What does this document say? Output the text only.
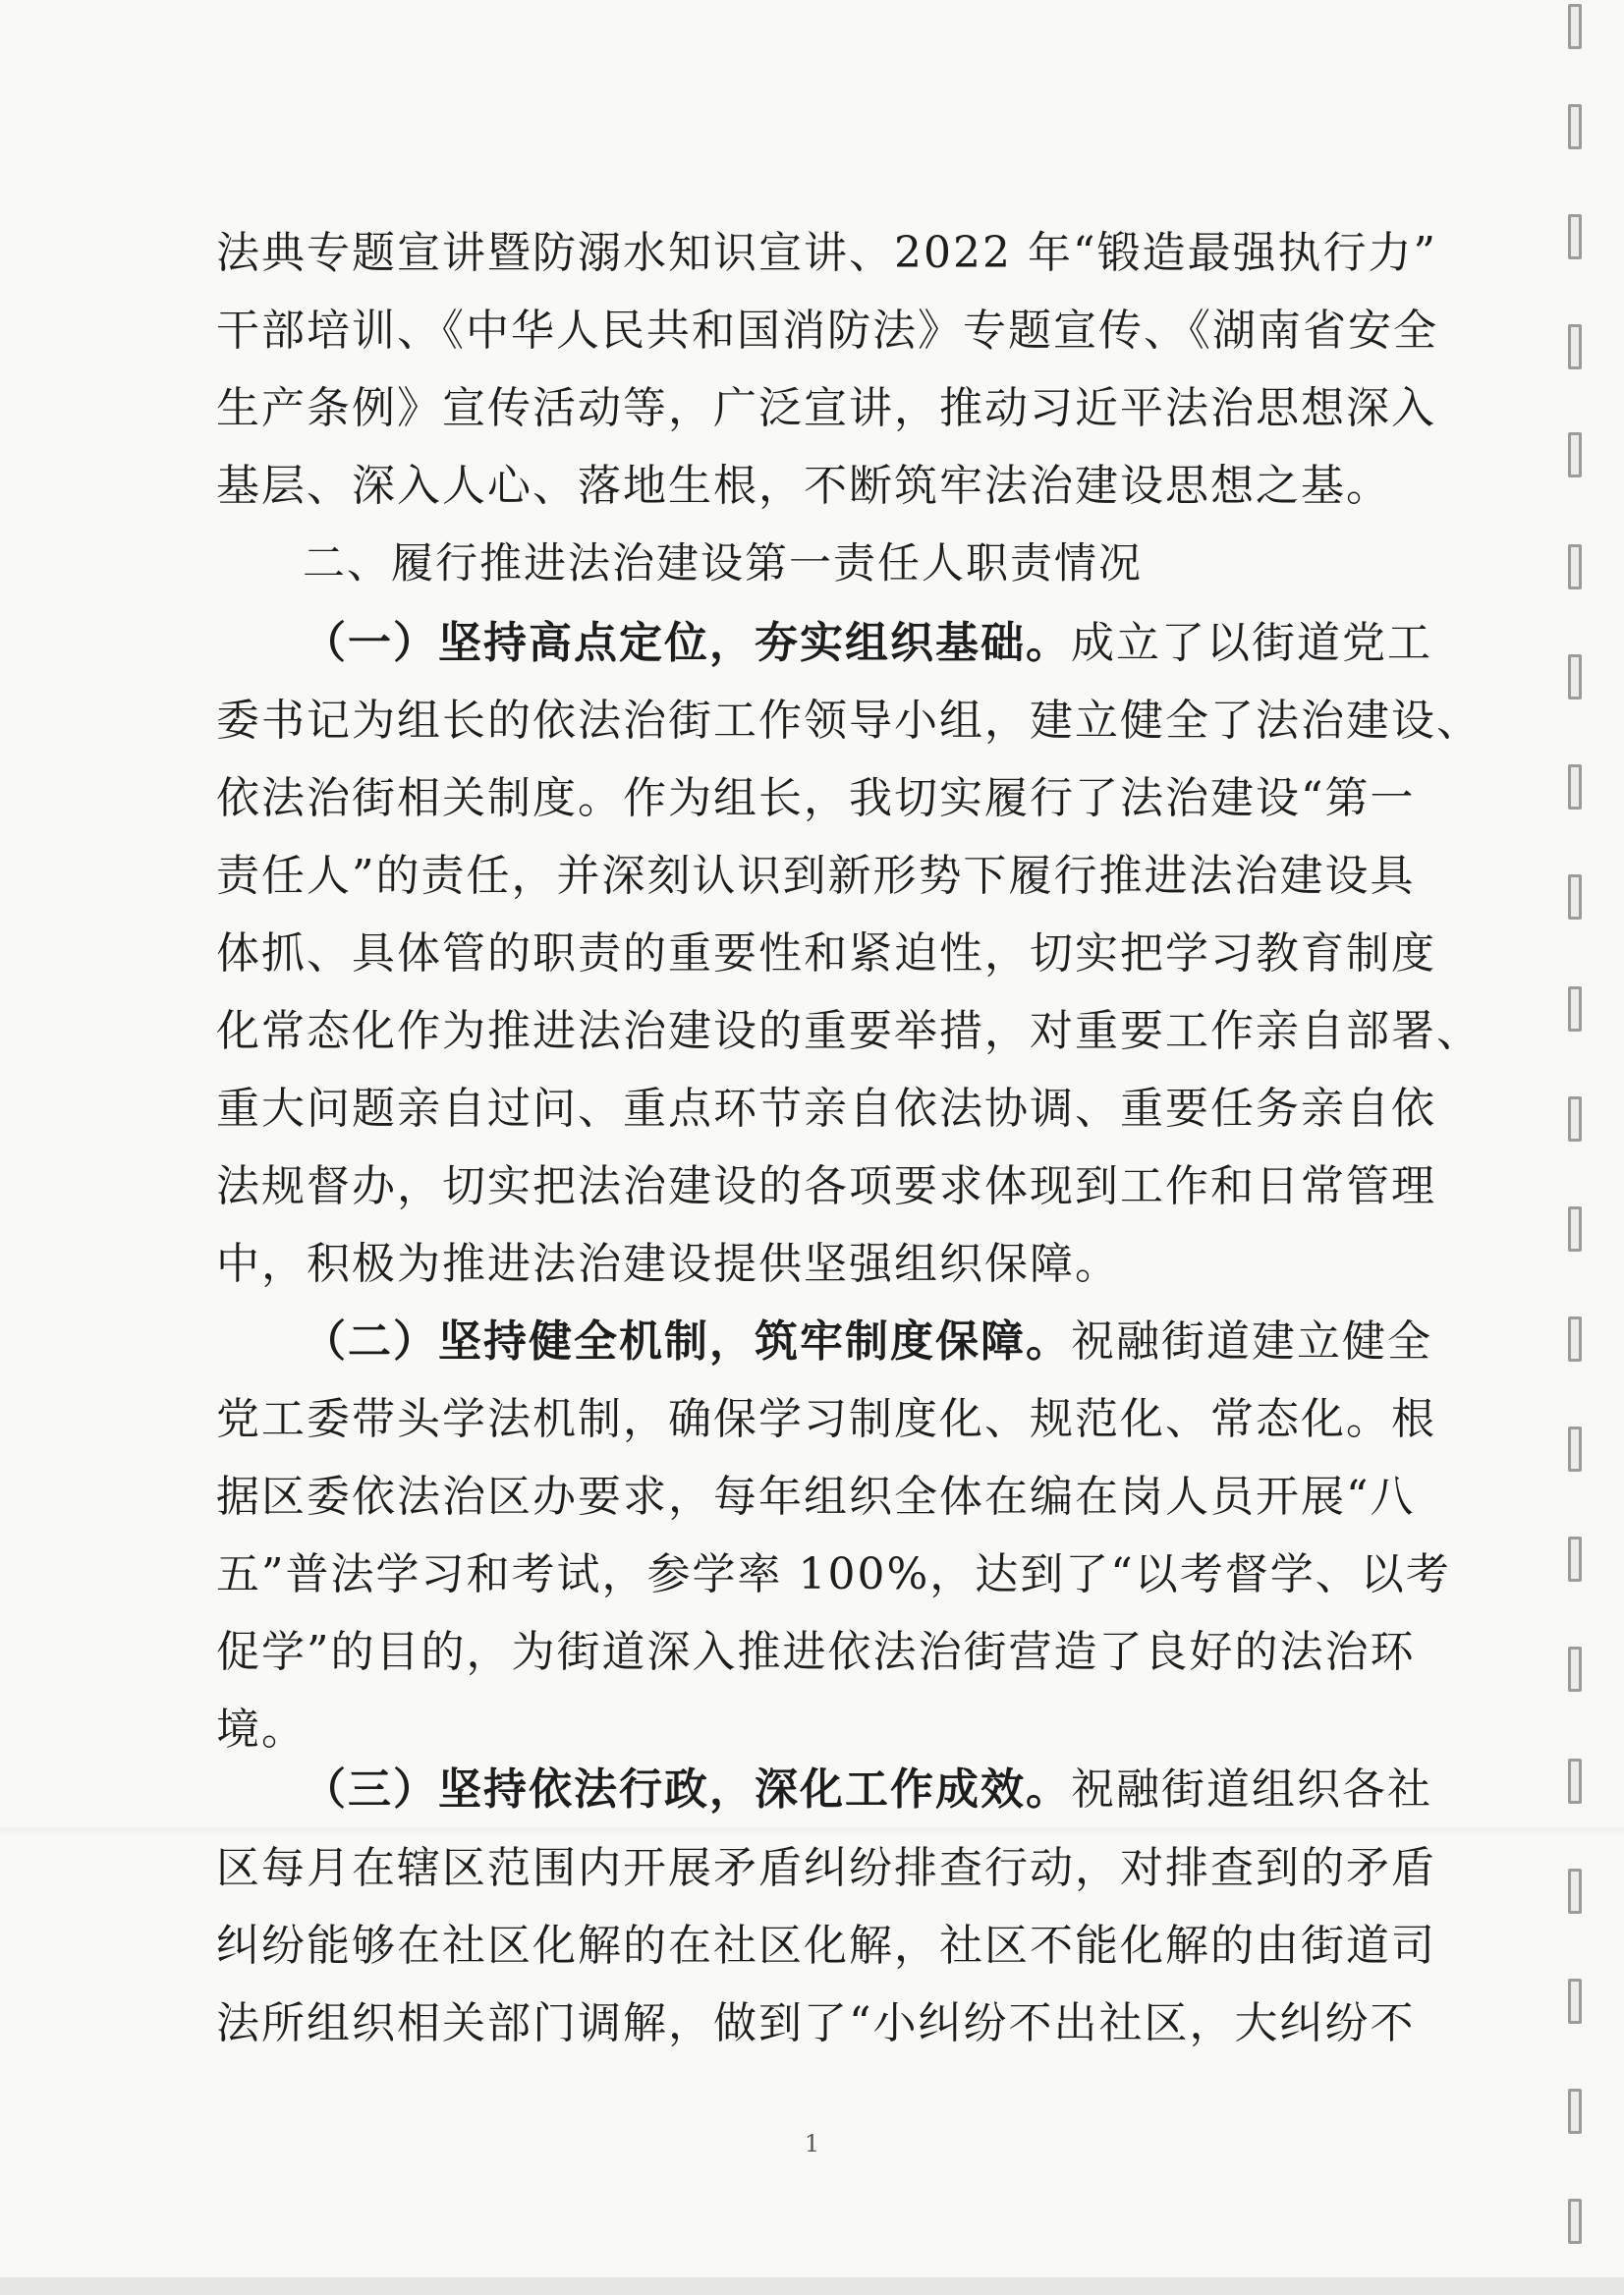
法典专题宣讲暨防溺水知识宣讲、2022 年“锻造最强执行力”
干部培训、《中华人民共和国消防法》专题宣传、《湖南省安全
生产条例》宣传活动等，广泛宣讲，推动习近平法治思想深入
基层、深入人心、落地生根，不断筑牢法治建设思想之基。
二、履行推进法治建设第一责任人职责情况
（一）坚持高点定位，夯实组织基础。成立了以街道党工
委书记为组长的依法治街工作领导小组，建立健全了法治建设、
依法治街相关制度。作为组长，我切实履行了法治建设“第一
责任人”的责任，并深刻认识到新形势下履行推进法治建设具
体抓、具体管的职责的重要性和紧迫性，切实把学习教育制度
化常态化作为推进法治建设的重要举措，对重要工作亲自部署、
重大问题亲自过问、重点环节亲自依法协调、重要任务亲自依
法规督办，切实把法治建设的各项要求体现到工作和日常管理
中，积极为推进法治建设提供坚强组织保障。
（二）坚持健全机制，筑牢制度保障。祝融街道建立健全
党工委带头学法机制，确保学习制度化、规范化、常态化。根
据区委依法治区办要求，每年组织全体在编在岗人员开展“八
五”普法学习和考试，参学率 100%，达到了“以考督学、以考
促学”的目的，为街道深入推进依法治街营造了良好的法治环
境。
（三）坚持依法行政，深化工作成效。祝融街道组织各社
区每月在辖区范围内开展矛盾纠纷排查行动，对排查到的矛盾
纠纷能够在社区化解的在社区化解，社区不能化解的由街道司
法所组织相关部门调解，做到了“小纠纷不出社区，大纠纷不
1
